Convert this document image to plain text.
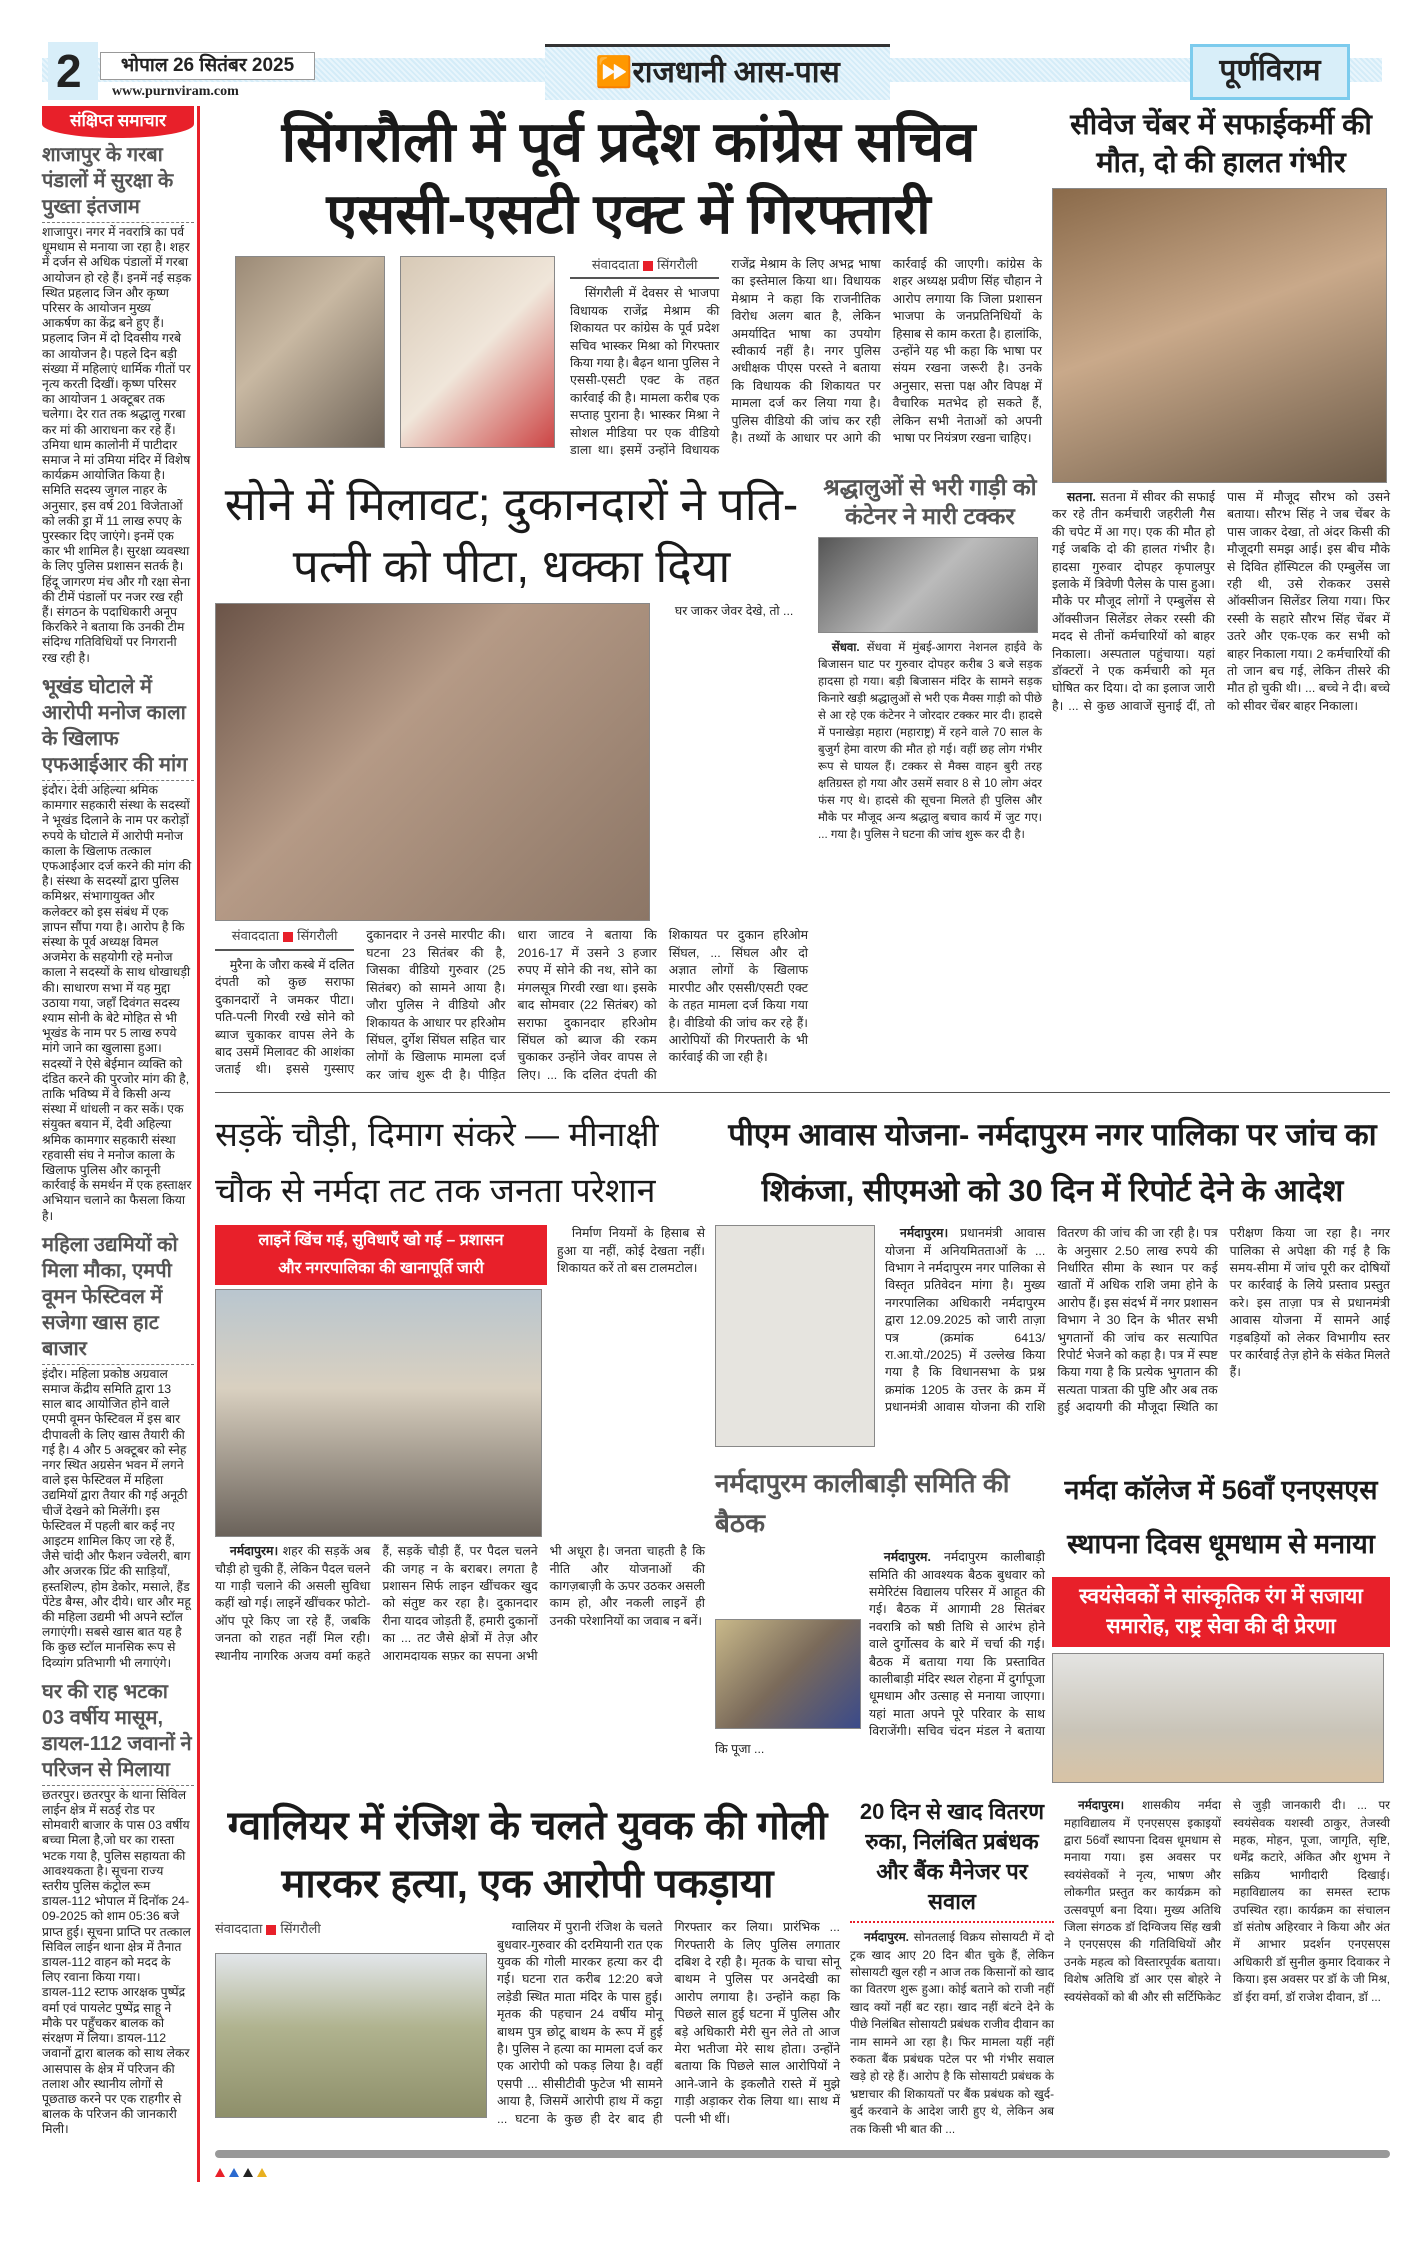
2	भोपाल 26 सितंबर 2025
www.purnviram.com
⏩राजधानी आस-पास	पूर्णविराम
संक्षिप्त समाचार
शाजापुर के गरबा पंडालों में सुरक्षा के पुख्ता इंतजाम
शाजापुर। नगर में नवरात्रि का पर्व धूमधाम से मनाया जा रहा है। शहर में दर्जन से अधिक पंडालों में गरबा आयोजन हो रहे हैं। इनमें नई सड़क स्थित प्रहलाद जिन और कृष्ण परिसर के आयोजन मुख्य आकर्षण का केंद्र बने हुए हैं। प्रहलाद जिन में दो दिवसीय गरबे का आयोजन है। पहले दिन बड़ी संख्या में महिलाएं धार्मिक गीतों पर नृत्य करती दिखीं। कृष्ण परिसर का आयोजन 1 अक्टूबर तक चलेगा। देर रात तक श्रद्धालु गरबा कर मां की आराधना कर रहे हैं। उमिया धाम कालोनी में पाटीदार समाज ने मां उमिया मंदिर में विशेष कार्यक्रम आयोजित किया है। समिति सदस्य जुगल नाहर के अनुसार, इस वर्ष 201 विजेताओं को लकी ड्रा में 11 लाख रुपए के पुरस्कार दिए जाएंगे। इनमें एक कार भी शामिल है। सुरक्षा व्यवस्था के लिए पुलिस प्रशासन सतर्क है। हिंदू जागरण मंच और गौ रक्षा सेना की टीमें पंडालों पर नजर रख रही हैं। संगठन के पदाधिकारी अनूप किरकिरे ने बताया कि उनकी टीम संदिग्ध गतिविधियों पर निगरानी रख रही है।
भूखंड घोटाले में आरोपी मनोज काला के खिलाफ एफआईआर की मांग
इंदौर। देवी अहिल्या श्रमिक कामगार सहकारी संस्था के सदस्यों ने भूखंड दिलाने के नाम पर करोड़ों रुपये के घोटाले में आरोपी मनोज काला के खिलाफ तत्काल एफआईआर दर्ज करने की मांग की है। संस्था के सदस्यों द्वारा पुलिस कमिश्नर, संभागायुक्त और कलेक्टर को इस संबंध में एक ज्ञापन सौंपा गया है। आरोप है कि संस्था के पूर्व अध्यक्ष विमल अजमेरा के सहयोगी रहे मनोज काला ने सदस्यों के साथ धोखाधड़ी की। साधारण सभा में यह मुद्दा उठाया गया, जहाँ दिवंगत सदस्य श्याम सोनी के बेटे मोहित से भी भूखंड के नाम पर 5 लाख रुपये मांगे जाने का खुलासा हुआ। सदस्यों ने ऐसे बेईमान व्यक्ति को दंडित करने की पुरजोर मांग की है, ताकि भविष्य में वे किसी अन्य संस्था में धांधली न कर सकें। एक संयुक्त बयान में, देवी अहिल्या श्रमिक कामगार सहकारी संस्था रहवासी संघ ने मनोज काला के खिलाफ पुलिस और कानूनी कार्रवाई के समर्थन में एक हस्ताक्षर अभियान चलाने का फैसला किया है।
महिला उद्यमियों को मिला मौका, एमपी वूमन फेस्टिवल में सजेगा खास हाट बाजार
इंदौर। महिला प्रकोष्ठ अग्रवाल समाज केंद्रीय समिति द्वारा 13 साल बाद आयोजित होने वाले एमपी वूमन फेस्टिवल में इस बार दीपावली के लिए खास तैयारी की गई है। 4 और 5 अक्टूबर को स्नेह नगर स्थित अग्रसेन भवन में लगने वाले इस फेस्टिवल में महिला उद्यमियों द्वारा तैयार की गई अनूठी चीजें देखने को मिलेंगी। इस फेस्टिवल में पहली बार कई नए आइटम शामिल किए जा रहे हैं, जैसे चांदी और फैशन ज्वेलरी, बाग और अजरक प्रिंट की साड़ियाँ, हस्तशिल्प, होम डेकोर, मसाले, हैंड पेंटेड बैग्स, और दीये। धार और महू की महिला उद्यमी भी अपने स्टॉल लगाएंगी। सबसे खास बात यह है कि कुछ स्टॉल मानसिक रूप से दिव्यांग प्रतिभागी भी लगाएंगे।
घर की राह भटका 03 वर्षीय मासूम, डायल-112 जवानों ने परिजन से मिलाया
छतरपुर। छतरपुर के थाना सिविल लाईन क्षेत्र में सठई रोड पर सोमवारी बाजार के पास 03 वर्षीय बच्चा मिला है,जो घर का रास्ता भटक गया है, पुलिस सहायता की आवश्यकता है। सूचना राज्य स्तरीय पुलिस कंट्रोल रूम डायल-112 भोपाल में दिनॉक 24-09-2025 को शाम 05:36 बजे प्राप्त हुई। सूचना प्राप्ति पर तत्काल सिविल लाईन थाना क्षेत्र में तैनात डायल-112 वाहन को मदद के लिए रवाना किया गया। डायल-112 स्टाफ आरक्षक पुष्पेंद्र वर्मा एवं पायलेट पुष्पेंद्र साहू ने मौके पर पहुँचकर बालक को संरक्षण में लिया। डायल-112 जवानों द्वारा बालक को साथ लेकर आसपास के क्षेत्र में परिजन की तलाश और स्थानीय लोगों से पूछताछ करने पर एक राहगीर से बालक के परिजन की जानकारी मिली।
सिंगरौली में पूर्व प्रदेश कांग्रेस सचिव एससी-एसटी एक्ट में गिरफ्तारी
संवाददाता सिंगरौली

सिंगरौली में देवसर से भाजपा विधायक राजेंद्र मेश्राम की शिकायत पर कांग्रेस के पूर्व प्रदेश सचिव भास्कर मिश्रा को गिरफ्तार किया गया है। बैढ़न थाना पुलिस ने एससी-एसटी एक्ट के तहत कार्रवाई की है। मामला करीब एक सप्ताह पुराना है। भास्कर मिश्रा ने सोशल मीडिया पर एक वीडियो डाला था। इसमें उन्होंने विधायक राजेंद्र मेश्राम के लिए अभद्र भाषा का इस्तेमाल किया था। विधायक मेश्राम ने कहा कि राजनीतिक विरोध अलग बात है, लेकिन अमर्यादित भाषा का उपयोग स्वीकार्य नहीं है। नगर पुलिस अधीक्षक पीएस परस्ते ने बताया कि विधायक की शिकायत पर मामला दर्ज कर लिया गया है। पुलिस वीडियो की जांच कर रही है। तथ्यों के आधार पर आगे की कार्रवाई की जाएगी। कांग्रेस के शहर अध्यक्ष प्रवीण सिंह चौहान ने आरोप लगाया कि जिला प्रशासन भाजपा के जनप्रतिनिधियों के हिसाब से काम करता है। हालांकि, उन्होंने यह भी कहा कि भाषा पर संयम रखना जरूरी है। उनके अनुसार, सत्ता पक्ष और विपक्ष में वैचारिक मतभेद हो सकते हैं, लेकिन सभी नेताओं को अपनी भाषा पर नियंत्रण रखना चाहिए।

सोने में मिलावट; दुकानदारों ने पति-पत्नी को पीटा, धक्का दिया

घर जाकर जेवर देखे, तो ...

संवाददाता सिंगरौली

मुरैना के जौरा कस्बे में दलित दंपती को कुछ सराफा दुकानदारों ने जमकर पीटा। पति-पत्नी गिरवी रखे सोने को ब्याज चुकाकर वापस लेने के बाद उसमें मिलावट की आशंका जताई थी। इससे गुस्साए दुकानदार ने उनसे मारपीट की। घटना 23 सितंबर की है, जिसका वीडियो गुरुवार (25 सितंबर) को सामने आया है। जौरा पुलिस ने वीडियो और शिकायत के आधार पर हरिओम सिंघल, दुर्गेश सिंघल सहित चार लोगों के खिलाफ मामला दर्ज कर जांच शुरू दी है। पीड़ित धारा जाटव ने बताया कि 2016-17 में उसने 3 हजार रुपए में सोने की नथ, सोने का मंगलसूत्र गिरवी रखा था। इसके बाद सोमवार (22 सितंबर) को सराफा दुकानदार हरिओम सिंघल को ब्याज की रकम चुकाकर उन्होंने जेवर वापस ले लिए। ... कि दलित दंपती की शिकायत पर दुकान हरिओम सिंघल, ... सिंघल और दो अज्ञात लोगों के खिलाफ मारपीट और एससी/एसटी एक्ट के तहत मामला दर्ज किया गया है। वीडियो की जांच कर रहे हैं। आरोपियों की गिरफ्तारी के भी कार्रवाई की जा रही है।

श्रद्धालुओं से भरी गाड़ी को कंटेनर ने मारी टक्कर

सेंधवा. सेंधवा में मुंबई-आगरा नेशनल हाईवे के बिजासन घाट पर गुरुवार दोपहर करीब 3 बजे सड़क हादसा हो गया। बड़ी बिजासन मंदिर के सामने सड़क किनारे खड़ी श्रद्धालुओं से भरी एक मैक्स गाड़ी को पीछे से आ रहे एक कंटेनर ने जोरदार टक्कर मार दी। हादसे में पनाखेड़ा महारा (महाराष्ट्र) में रहने वाले 70 साल के बुजुर्ग हेमा वारण की मौत हो गई। वहीं छह लोग गंभीर रूप से घायल हैं। टक्कर से मैक्स वाहन बुरी तरह क्षतिग्रस्त हो गया और उसमें सवार 8 से 10 लोग अंदर फंस गए थे। हादसे की सूचना मिलते ही पुलिस और मौके पर मौजूद अन्य श्रद्धालु बचाव कार्य में जुट गए। ... गया है। पुलिस ने घटना की जांच शुरू कर दी है।

सीवेज चेंबर में सफाईकर्मी की मौत, दो की हालत गंभीर

सतना. सतना में सीवर की सफाई कर रहे तीन कर्मचारी जहरीली गैस की चपेट में आ गए। एक की मौत हो गई जबकि दो की हालत गंभीर है। हादसा गुरुवार दोपहर कृपालपुर इलाके में त्रिवेणी पैलेस के पास हुआ। मौके पर मौजूद लोगों ने एम्बुलेंस से ऑक्सीजन सिलेंडर लेकर रस्सी की मदद से तीनों कर्मचारियों को बाहर निकाला। अस्पताल पहुंचाया। यहां डॉक्टरों ने एक कर्मचारी को मृत घोषित कर दिया। दो का इलाज जारी है। ... से कुछ आवाजें सुनाई दीं, तो पास में मौजूद सौरभ को उसने बताया। सौरभ सिंह ने जब चेंबर के पास जाकर देखा, तो अंदर किसी की मौजूदगी समझ आई। इस बीच मौके से दिवित हॉस्पिटल की एम्बुलेंस जा रही थी, उसे रोककर उससे ऑक्सीजन सिलेंडर लिया गया। फिर रस्सी के सहारे सौरभ सिंह चेंबर में उतरे और एक-एक कर सभी को बाहर निकाला गया। 2 कर्मचारियों की तो जान बच गई, लेकिन तीसरे की मौत हो चुकी थी। ... बच्चे ने दी। बच्चे को सीवर चेंबर बाहर निकाला।

सड़कें चौड़ी, दिमाग संकरे — मीनाक्षी चौक से नर्मदा तट तक जनता परेशान
लाइनें खिंच गईं, सुविधाएँ खो गईं – प्रशासन
और नगरपालिका की खानापूर्ति जारी

निर्माण नियमों के हिसाब से हुआ या नहीं, कोई देखता नहीं। शिकायत करें तो बस टालमटोल।

नर्मदापुरम। शहर की सड़कें अब चौड़ी हो चुकी हैं, लेकिन पैदल चलने या गाड़ी चलाने की असली सुविधा कहीं खो गई। लाइनें खींचकर फोटो-ऑप पूरे किए जा रहे हैं, जबकि जनता को राहत नहीं मिल रही। स्थानीय नागरिक अजय वर्मा कहते हैं, सड़कें चौड़ी हैं, पर पैदल चलने की जगह न के बराबर। लगता है प्रशासन सिर्फ लाइन खींचकर खुद को संतुष्ट कर रहा है। दुकानदार रीना यादव जोड़ती हैं, हमारी दुकानों का ... तट जैसे क्षेत्रों में तेज़ और आरामदायक सफ़र का सपना अभी भी अधूरा है। जनता चाहती है कि नीति और योजनाओं की कागज़बाज़ी के ऊपर उठकर असली काम हो, और नकली लाइनें ही उनकी परेशानियों का जवाब न बनें।

पीएम आवास योजना- नर्मदापुरम नगर पालिका पर जांच का शिकंजा, सीएमओ को 30 दिन में रिपोर्ट देने के आदेश

नर्मदापुरम। प्रधानमंत्री आवास योजना में अनियमितताओं के ... विभाग ने नर्मदापुरम नगर पालिका से विस्तृत प्रतिवेदन मांगा है। मुख्य नगरपालिका अधिकारी नर्मदापुरम द्वारा 12.09.2025 को जारी ताज़ा पत्र (क्रमांक 6413/रा.आ.यो./2025) में उल्लेख किया गया है कि विधानसभा के प्रश्न क्रमांक 1205 के उत्तर के क्रम में प्रधानमंत्री आवास योजना की राशि वितरण की जांच की जा रही है। पत्र के अनुसार 2.50 लाख रुपये की निर्धारित सीमा के स्थान पर कई खातों में अधिक राशि जमा होने के आरोप हैं। इस संदर्भ में नगर प्रशासन विभाग ने 30 दिन के भीतर सभी भुगतानों की जांच कर सत्यापित रिपोर्ट भेजने को कहा है। पत्र में स्पष्ट किया गया है कि प्रत्येक भुगतान की सत्यता पात्रता की पुष्टि और अब तक हुई अदायगी की मौजूदा स्थिति का परीक्षण किया जा रहा है। नगर पालिका से अपेक्षा की गई है कि समय-सीमा में जांच पूरी कर दोषियों पर कार्रवाई के लिये प्रस्ताव प्रस्तुत करे। इस ताज़ा पत्र से प्रधानमंत्री आवास योजना में सामने आई गड़बड़ियों को लेकर विभागीय स्तर पर कार्रवाई तेज़ होने के संकेत मिलते हैं।

नर्मदापुरम कालीबाड़ी समिति की बैठक

नर्मदापुरम. नर्मदापुरम कालीबाड़ी समिति की आवश्यक बैठक बुधवार को समेरिटंस विद्यालय परिसर में आहूत की गई। बैठक में आगामी 28 सितंबर नवरात्रि को षष्ठी तिथि से आरंभ होने वाले दुर्गोत्सव के बारे में चर्चा की गई। बैठक में बताया गया कि प्रस्तावित कालीबाड़ी मंदिर स्थल रोहना में दुर्गापूजा धूमधाम और उत्साह से मनाया जाएगा। यहां माता अपने पूरे परिवार के साथ विराजेंगी। सचिव चंदन मंडल ने बताया कि पूजा ...

नर्मदा कॉलेज में 56वाँ एनएसएस स्थापना दिवस धूमधाम से मनाया
स्वयंसेवकों ने सांस्कृतिक रंग में सजाया समारोह, राष्ट्र सेवा की दी प्रेरणा
ग्वालियर में रंजिश के चलते युवक की गोली मारकर हत्या, एक आरोपी पकड़ाया
संवाददाता सिंगरौली	ग्वालियर में पुरानी रंजिश के चलते बुधवार-गुरुवार की दरमियानी रात एक युवक की गोली मारकर हत्या कर दी गई। घटना रात करीब 12:20 बजे लड़ेडी स्थित माता मंदिर के पास हुई। मृतक की पहचान 24 वर्षीय मोनू बाथम पुत्र छोटू बाथम के रूप में हुई है। पुलिस ने हत्या का मामला दर्ज कर एक आरोपी को पकड़ लिया है। वहीं एसपी ... सीसीटीवी फुटेज भी सामने आया है, जिसमें आरोपी हाथ में कट्टा ... घटना के कुछ ही देर बाद ही गिरफ्तार कर लिया। प्रारंभिक ... गिरफ्तारी के लिए पुलिस लगातार दबिश दे रही है। मृतक के चाचा सोनू बाथम ने पुलिस पर अनदेखी का आरोप लगाया है। उन्होंने कहा कि पिछले साल हुई घटना में पुलिस और बड़े अधिकारी मेरी सुन लेते तो आज मेरा भतीजा मेरे साथ होता। उन्होंने बताया कि पिछले साल आरोपियों ने आने-जाने के इकलौते रास्ते में मुझे गाड़ी अड़ाकर रोक लिया था। साथ में पत्नी भी थीं।

20 दिन से खाद वितरण रुका, निलंबित प्रबंधक और बैंक मैनेजर पर सवाल

नर्मदापुरम. सोनतलाई विक्रय सोसायटी में दो ट्रक खाद आए 20 दिन बीत चुके हैं, लेकिन सोसायटी खुल रही न आज तक किसानों को खाद का वितरण शुरू हुआ। कोई बताने को राजी नहीं खाद क्यों नहीं बट रहा। खाद नहीं बंटने देने के पीछे निलंबित सोसायटी प्रबंधक राजीव दीवान का नाम सामने आ रहा है। फिर मामला यहीं नहीं रुकता बैंक प्रबंधक पटेल पर भी गंभीर सवाल खड़े हो रहे हैं। आरोप है कि सोसायटी प्रबंधक के भ्रष्टाचार की शिकायतों पर बैंक प्रबंधक को खुर्द-बुर्द करवाने के आदेश जारी हुए थे, लेकिन अब तक किसी भी बात की ...

नर्मदापुरम। शासकीय नर्मदा महाविद्यालय में एनएसएस इकाइयों द्वारा 56वाँ स्थापना दिवस धूमधाम से मनाया गया। इस अवसर पर स्वयंसेवकों ने नृत्य, भाषण और लोकगीत प्रस्तुत कर कार्यक्रम को उत्सवपूर्ण बना दिया। मुख्य अतिथि जिला संगठक डॉ दिग्विजय सिंह खत्री ने एनएसएस की गतिविधियों और उनके महत्व को विस्तारपूर्वक बताया। विशेष अतिथि डॉ आर एस बोहरे ने स्वयंसेवकों को बी और सी सर्टिफिकेट से जुड़ी जानकारी दी। ... पर स्वयंसेवक यशस्वी ठाकुर, तेजस्वी महक, मोहन, पूजा, जागृति, सृष्टि, धर्मेंद्र कटारे, अंकित और शुभम ने सक्रिय भागीदारी दिखाई। महाविद्यालय का समस्त स्टाफ उपस्थित रहा। कार्यक्रम का संचालन डॉ संतोष अहिरवार ने किया और अंत में आभार प्रदर्शन एनएसएस अधिकारी डॉ सुनील कुमार दिवाकर ने किया। इस अवसर पर डॉ के जी मिश्र, डॉ ईरा वर्मा, डॉ राजेश दीवान, डॉ ...
